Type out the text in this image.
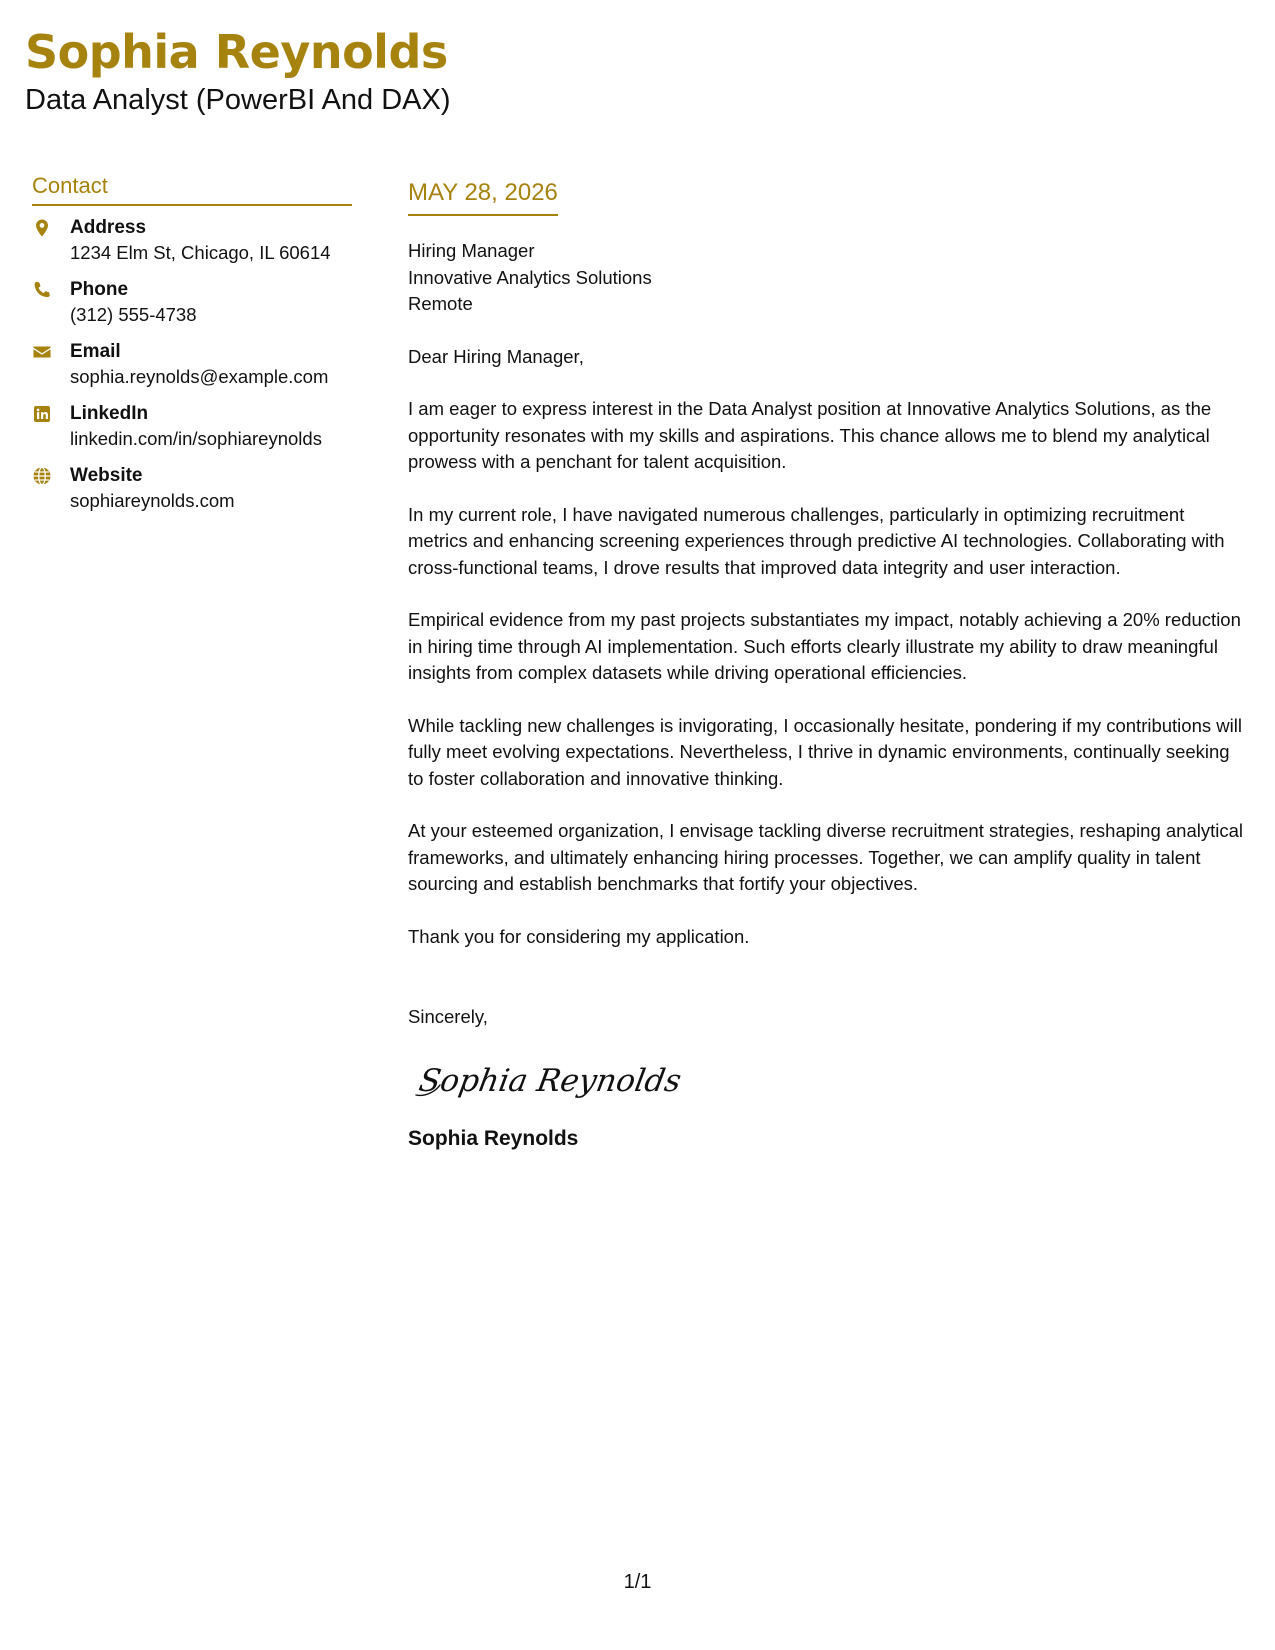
Sophia Reynolds
Data Analyst (PowerBI And DAX)
Contact
Address
1234 Elm St, Chicago, IL 60614
Phone
(312) 555-4738
Email
sophia.reynolds@example.com
LinkedIn
linkedin.com/in/sophiareynolds
Website
sophiareynolds.com
MAY 28, 2026
Hiring Manager
Innovative Analytics Solutions
Remote
Dear Hiring Manager,
I am eager to express interest in the Data Analyst position at Innovative Analytics Solutions, as the opportunity resonates with my skills and aspirations. This chance allows me to blend my analytical prowess with a penchant for talent acquisition.
In my current role, I have navigated numerous challenges, particularly in optimizing recruitment metrics and enhancing screening experiences through predictive AI technologies. Collaborating with cross-functional teams, I drove results that improved data integrity and user interaction.
Empirical evidence from my past projects substantiates my impact, notably achieving a 20% reduction in hiring time through AI implementation. Such efforts clearly illustrate my ability to draw meaningful insights from complex datasets while driving operational efficiencies.
While tackling new challenges is invigorating, I occasionally hesitate, pondering if my contributions will fully meet evolving expectations. Nevertheless, I thrive in dynamic environments, continually seeking to foster collaboration and innovative thinking.
At your esteemed organization, I envisage tackling diverse recruitment strategies, reshaping analytical frameworks, and ultimately enhancing hiring processes. Together, we can amplify quality in talent sourcing and establish benchmarks that fortify your objectives.
Thank you for considering my application.
Sincerely,
Sophia Reynolds
Sophia Reynolds
1/1
